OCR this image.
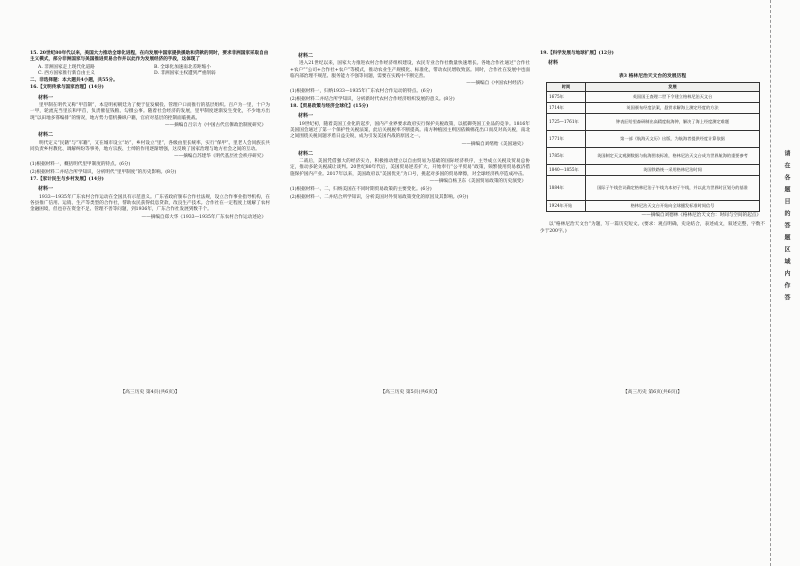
15. 20世纪80年代以来，美国大力推动全球化进程，在向发展中国家提供援助和贷款的同时，要求非洲国家采取自由主义模式，部分非洲国家与美国推进贸易合作并以此作为发展经济的手段，这体现了

A. 非洲国家走上现代化道路	B. 全球化加速南北差距缩小
C. 西方国家推行新自由主义	D. 非洲国家主权遭到严重削弱

二、非选择题：本大题共4小题，共55分。

16.【文明传承与国家治理】(14分)

材料一

里甲制在明代又称“甲首制”，本是明初朝廷为了便于征发赋役、管理户口而推行的基层组织。百户为一里，十户为一甲，轮流充当里长和甲首，负责催征钱粮、勾摄公事。随着社会经济的发展，里甲制度逐渐发生变化，不少地方出现“以田地多寡编排”的情况，地方势力借机操纵户籍，官府对基层的控制面临挑战。

——摘编自吕宗力《中国古代官僚政治制度研究》

材料二

明代定义“民籍”与“军籍”，又在城市设立“坊”，乡村设立“里”，各级由里长统率，实行“保甲”。里老人会同族长共同负责乡村教化、调解纠纷等事务，地方宗族、士绅的作用逐渐增强，这反映了国家治理与地方社会之间的互动。

——摘编自苏建华《明代基层社会秩序研究》

(1)根据材料一，概括明代里甲制度的特点。(6分)

(2)根据材料二并结合所学知识，分析明代“里甲制度”的历史影响。(8分)

17.【家计民生与乡村发展】(14分)

材料一

1933—1935年广东农村合作运动在全国具有示范意义。广东省政府颁布合作社法规，设立合作事业指导机构，在各县推广信用、运销、生产等类型的合作社，帮助农民获得低息贷款，改良生产技术。合作社在一定程度上缓解了农村金融困境，但也存在资金不足、管理不善等问题，到1936年，广东合作社发展到数千个。

——摘编自郑大华《1933—1935年广东农村合作运动述论》

材料二

进入21世纪以来，国家大力推进农村合作经济组织建设，农民专业合作社数量快速增长。各地合作社通过“合作社+农户”“公司+合作社+农户”等模式，推动农业生产规模化、标准化，带动农民增收致富。同时，合作社在发展中也面临内部治理不规范、服务能力不强等问题，需要在实践中不断完善。

——摘编自《中国农村经济》

(1)根据材料一，归纳1933—1935年广东农村合作运动的特点。(6分)

(2)根据材料二并结合所学知识，分析新时代农村合作经济组织发展的意义。(8分)

18.【贸易政策与经济全球化】(15分)

材料一

19世纪初，随着美国工业化的起步，国内产业界要求政府实行保护关税政策，以抵御英国工业品的竞争。1816年美国国会通过了第一个保护性关税法案，此后关税税率不断提高。南方种植园主则因依赖棉花出口而反对高关税，南北之间围绕关税问题矛盾日益尖锐，成为引发美国内战的原因之一。

——摘编自刘绪贻《美国通史》

材料二

二战后，美国凭借强大的经济实力，积极推动建立以自由贸易为基础的国际经济秩序，主导成立关税及贸易总协定，推动多轮关税减让谈判。20世纪80年代后，美国贸易逆差扩大，开始奉行“公平贸易”政策，频繁使用贸易救济措施保护国内产业。2017年以来，美国政府以“美国优先”为口号，挑起对多国的贸易摩擦，对全球经济秩序造成冲击。

——摘编自杨卫东《美国贸易政策的历史演变》

(1)根据材料一、二，归纳美国在不同时期贸易政策的主要变化。(6分)

(2)根据材料一、二并结合所学知识，分析美国对外贸易政策变化的原因及其影响。(9分)

19.【科学发展与地球扩展】(12分)

材料
表3 格林尼治天文台的发展历程
时间	发展
1675年	英国国王查理二世下令建立格林尼治天文台
1714年	英国颁布经度法案，悬赏求解海上测定经度的方法
1725—1761年	钟表匠哈里森研制出高精度航海钟，解决了海上经度测定难题
1771年	第一部《航海天文历》出版，为航海者提供经度计算依据
1785年	英国制定天文观测数据与航海图表标准，格林尼治天文台成为世界航海的重要参考
1840—1855年	英国铁路统一采用格林尼治时间
1884年	国际子午线会议确定格林尼治子午线为本初子午线，并以此为世界时区划分的基准
1924年开始	格林尼治天文台开始向全球播发标准时间信号

——摘编自刘德林《格林尼治天文台：时间与空间的起点》

以“格林尼治天文台”为题，写一篇历史短文。(要求：观点明确，史论结合，表述成文，叙述完整，字数不少于200字。)

【高三历史 第4页(共6页)】	【高三历史 第5页(共6页)】	【高三历史 第6页(共6页)】
请在各题目的答题区域内作答
